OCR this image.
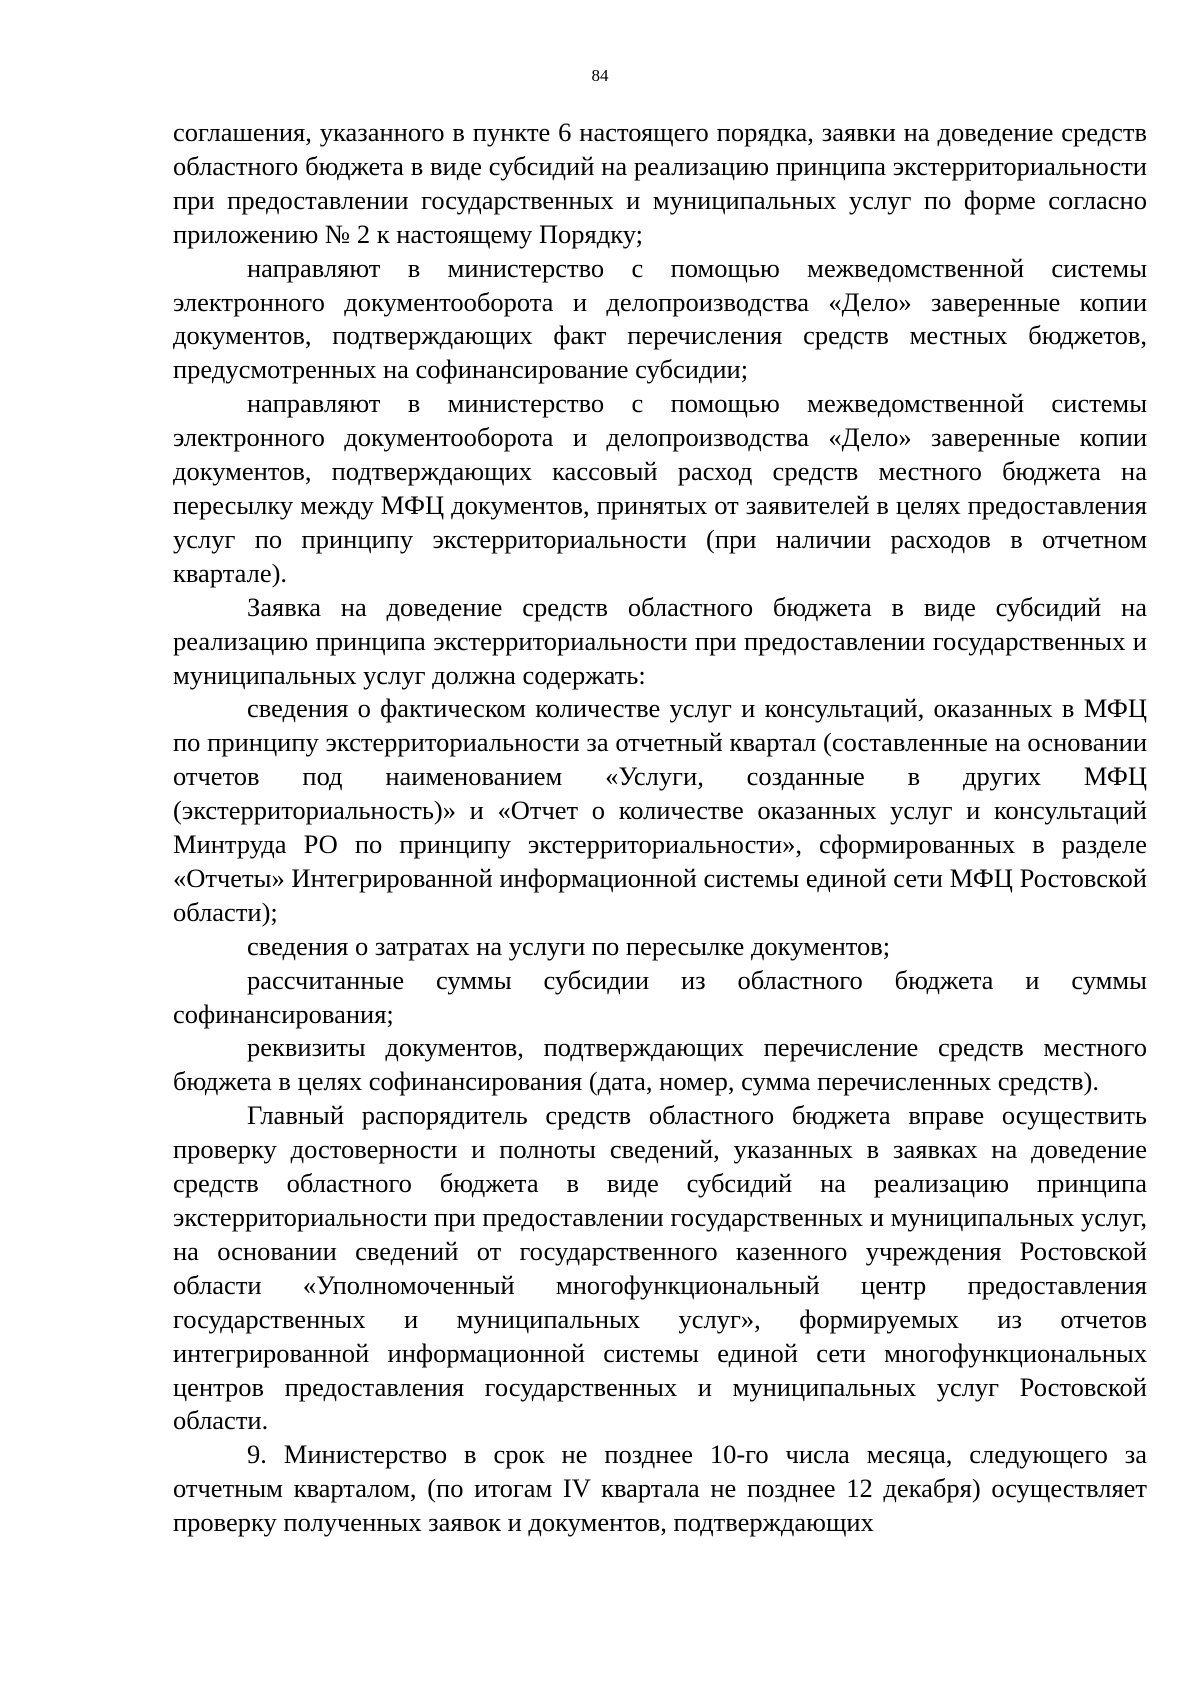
84

соглашения, указанного в пункте 6 настоящего порядка, заявки на доведение средств областного бюджета в виде субсидий на реализацию принципа экстерриториальности при предоставлении государственных и муниципальных услуг по форме согласно приложению № 2 к настоящему Порядку;

направляют в министерство с помощью межведомственной системы электронного документооборота и делопроизводства «Дело» заверенные копии документов, подтверждающих факт перечисления средств местных бюджетов, предусмотренных на софинансирование субсидии;

направляют в министерство с помощью межведомственной системы электронного документооборота и делопроизводства «Дело» заверенные копии документов, подтверждающих кассовый расход средств местного бюджета на пересылку между МФЦ документов, принятых от заявителей в целях предоставления услуг по принципу экстерриториальности (при наличии расходов в отчетном квартале).

Заявка на доведение средств областного бюджета в виде субсидий на реализацию принципа экстерриториальности при предоставлении государственных и муниципальных услуг должна содержать:

сведения о фактическом количестве услуг и консультаций, оказанных в МФЦ по принципу экстерриториальности за отчетный квартал (составленные на основании отчетов под наименованием «Услуги, созданные в других МФЦ (экстерриториальность)» и «Отчет о количестве оказанных услуг и консультаций Минтруда РО по принципу экстерриториальности», сформированных в разделе «Отчеты» Интегрированной информационной системы единой сети МФЦ Ростовской области);

сведения о затратах на услуги по пересылке документов;

рассчитанные суммы субсидии из областного бюджета и суммы софинансирования;

реквизиты документов, подтверждающих перечисление средств местного бюджета в целях софинансирования (дата, номер, сумма перечисленных средств).

Главный распорядитель средств областного бюджета вправе осуществить проверку достоверности и полноты сведений, указанных в заявках на доведение средств областного бюджета в виде субсидий на реализацию принципа экстерриториальности при предоставлении государственных и муниципальных услуг, на основании сведений от государственного казенного учреждения Ростовской области «Уполномоченный многофункциональный центр предоставления государственных и муниципальных услуг», формируемых из отчетов интегрированной информационной системы единой сети многофункциональных центров предоставления государственных и муниципальных услуг Ростовской области.

9. Министерство в срок не позднее 10-го числа месяца, следующего за отчетным кварталом, (по итогам IV квартала не позднее 12 декабря) осуществляет проверку полученных заявок и документов, подтверждающих
